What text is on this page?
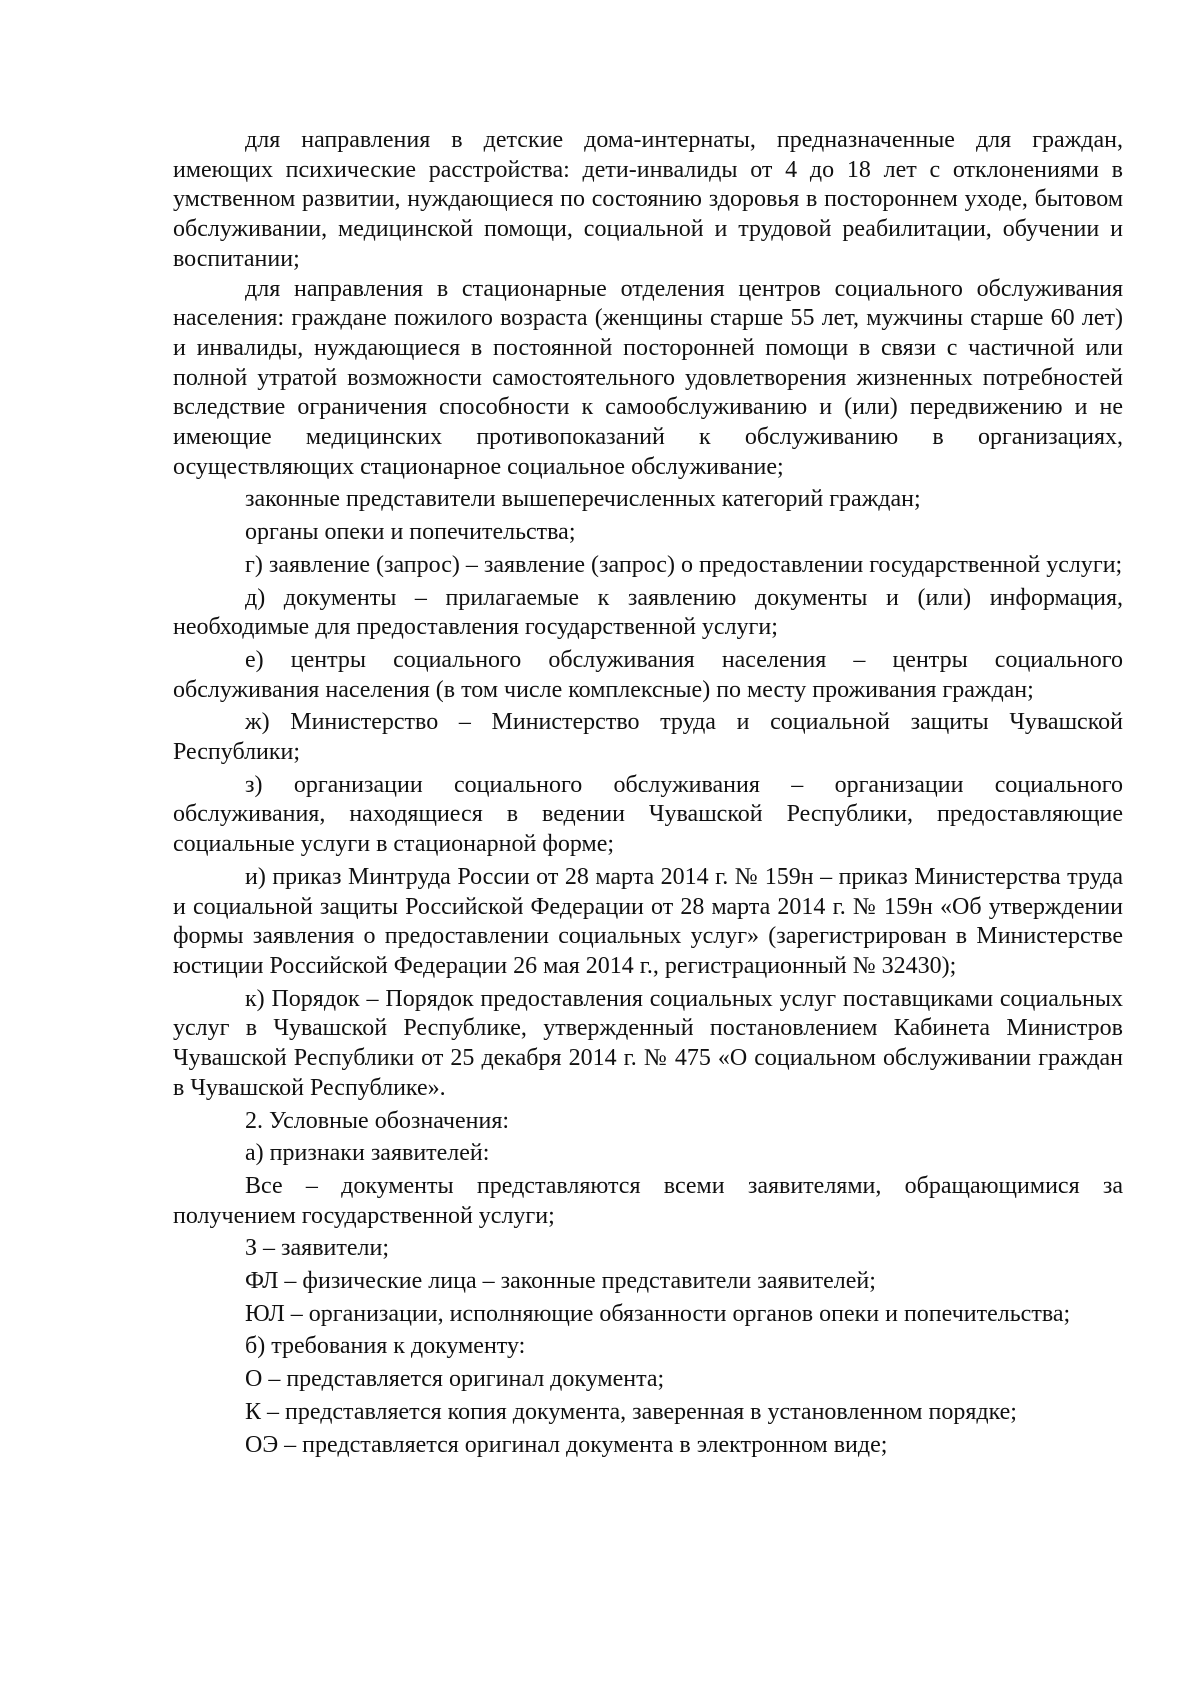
для направления в детские дома-интернаты, предназначенные для граждан, имеющих психические расстройства: дети-инвалиды от 4 до 18 лет с отклонениями в умственном развитии, нуждающиеся по состоянию здоровья в постороннем уходе, бытовом обслуживании, медицинской помощи, социальной и трудовой реабилитации, обучении и воспитании;

для направления в стационарные отделения центров социального обслуживания населения: граждане пожилого возраста (женщины старше 55 лет, мужчины старше 60 лет) и инвалиды, нуждающиеся в постоянной посторонней помощи в связи с частичной или полной утратой возможности самостоятельного удовлетворения жизненных потребностей вследствие ограничения способности к самообслуживанию и (или) передвижению и не имеющие медицинских противопоказаний к обслуживанию в организациях, осуществляющих стационарное социальное обслуживание;

законные представители вышеперечисленных категорий граждан;

органы опеки и попечительства;

г) заявление (запрос) – заявление (запрос) о предоставлении государственной услуги;

д) документы – прилагаемые к заявлению документы и (или) информация, необходимые для предоставления государственной услуги;

е) центры социального обслуживания населения – центры социального обслуживания населения (в том числе комплексные) по месту проживания граждан;

ж) Министерство – Министерство труда и социальной защиты Чувашской Республики;

з) организации социального обслуживания – организации социального обслуживания, находящиеся в ведении Чувашской Республики, предоставляющие социальные услуги в стационарной форме;

и) приказ Минтруда России от 28 марта 2014 г. № 159н – приказ Министерства труда и социальной защиты Российской Федерации от 28 марта 2014 г. № 159н «Об утверждении формы заявления о предоставлении социальных услуг» (зарегистрирован в Министерстве юстиции Российской Федерации 26 мая 2014 г., регистрационный № 32430);

к) Порядок – Порядок предоставления социальных услуг поставщиками социальных услуг в Чувашской Республике, утвержденный постановлением Кабинета Министров Чувашской Республики от 25 декабря 2014 г. № 475 «О социальном обслуживании граждан в Чувашской Республике».

2. Условные обозначения:

а) признаки заявителей:

Все – документы представляются всеми заявителями, обращающимися за получением государственной услуги;

З – заявители;

ФЛ – физические лица – законные представители заявителей;

ЮЛ – организации, исполняющие обязанности органов опеки и попечительства;

б) требования к документу:

О – представляется оригинал документа;

К – представляется копия документа, заверенная в установленном порядке;

ОЭ – представляется оригинал документа в электронном виде;
